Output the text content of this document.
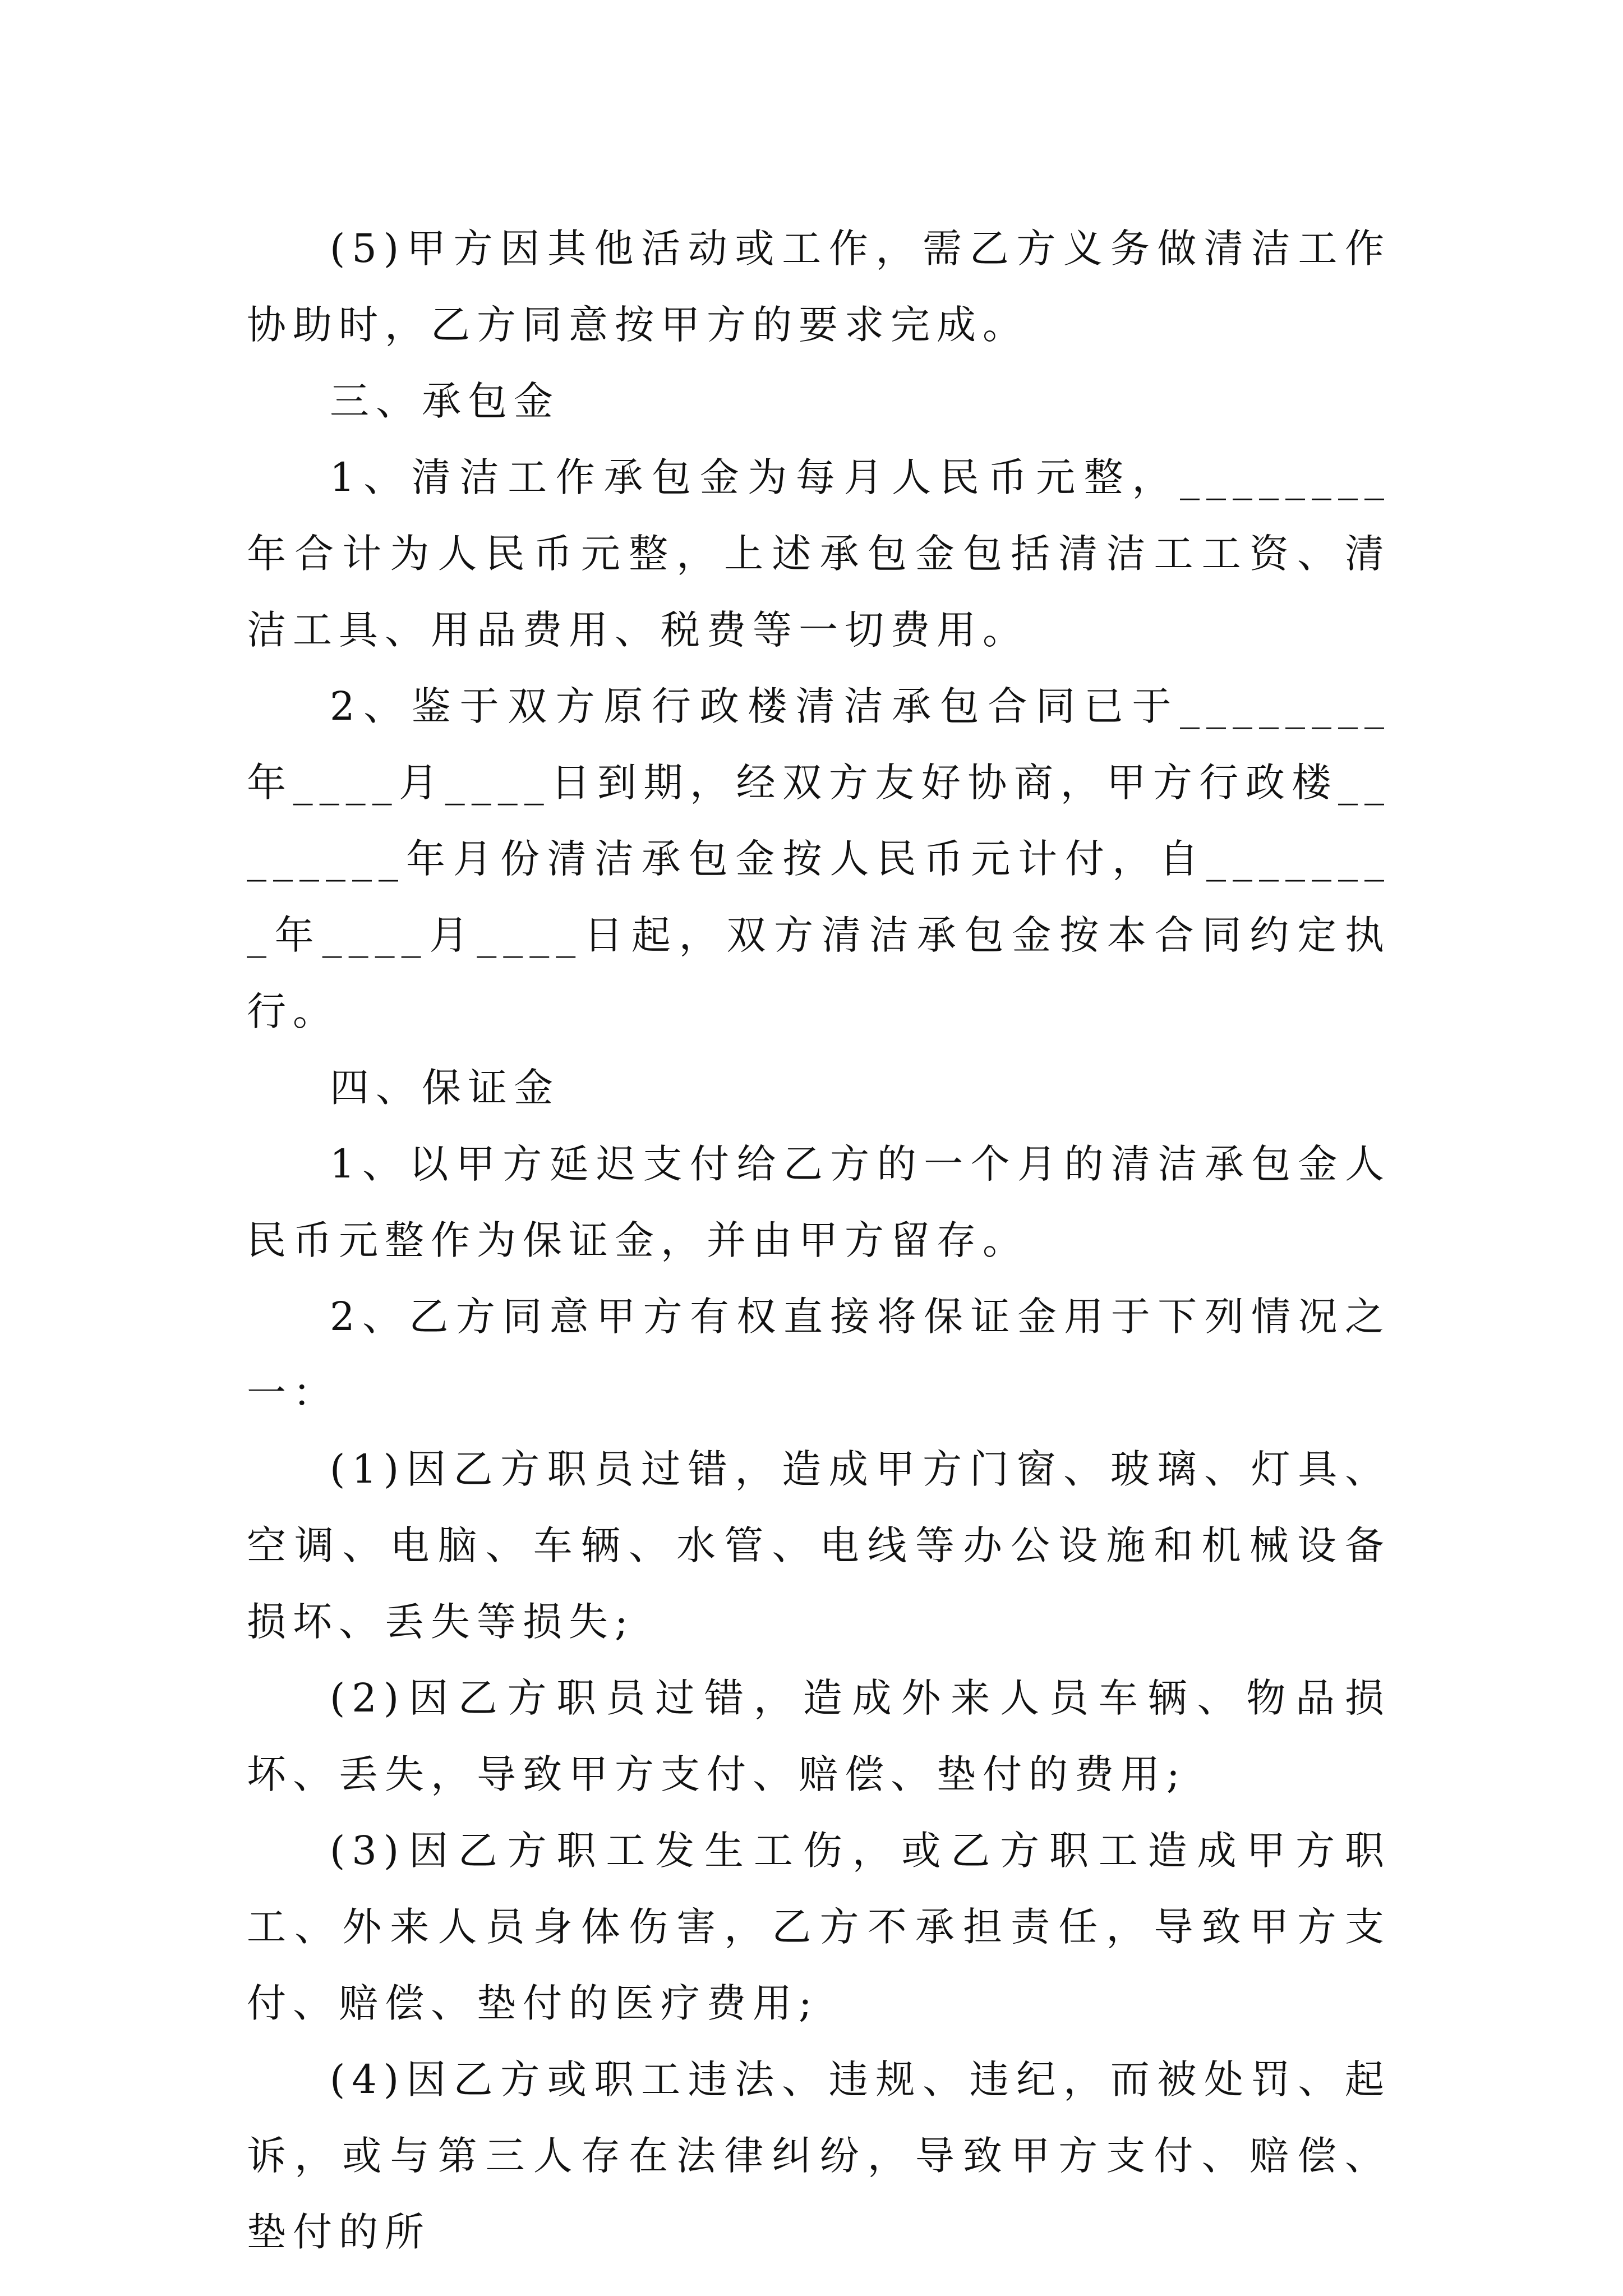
(5)甲方因其他活动或工作，需乙方义务做清洁工作协助时，乙方同意按甲方的要求完成。

三、承包金

1、清洁工作承包金为每月人民币元整，________年合计为人民币元整，上述承包金包括清洁工工资、清洁工具、用品费用、税费等一切费用。

2、鉴于双方原行政楼清洁承包合同已于________年____月____日到期，经双方友好协商，甲方行政楼________年月份清洁承包金按人民币元计付，自________年____月____日起，双方清洁承包金按本合同约定执行。

四、保证金

1、以甲方延迟支付给乙方的一个月的清洁承包金人民币元整作为保证金，并由甲方留存。

2、乙方同意甲方有权直接将保证金用于下列情况之一：

(1)因乙方职员过错，造成甲方门窗、玻璃、灯具、空调、电脑、车辆、水管、电线等办公设施和机械设备损坏、丢失等损失;

(2)因乙方职员过错，造成外来人员车辆、物品损坏、丢失，导致甲方支付、赔偿、垫付的费用;

(3)因乙方职工发生工伤，或乙方职工造成甲方职工、外来人员身体伤害，乙方不承担责任，导致甲方支付、赔偿、垫付的医疗费用;

(4)因乙方或职工违法、违规、违纪，而被处罚、起诉，或与第三人存在法律纠纷，导致甲方支付、赔偿、垫付的所
